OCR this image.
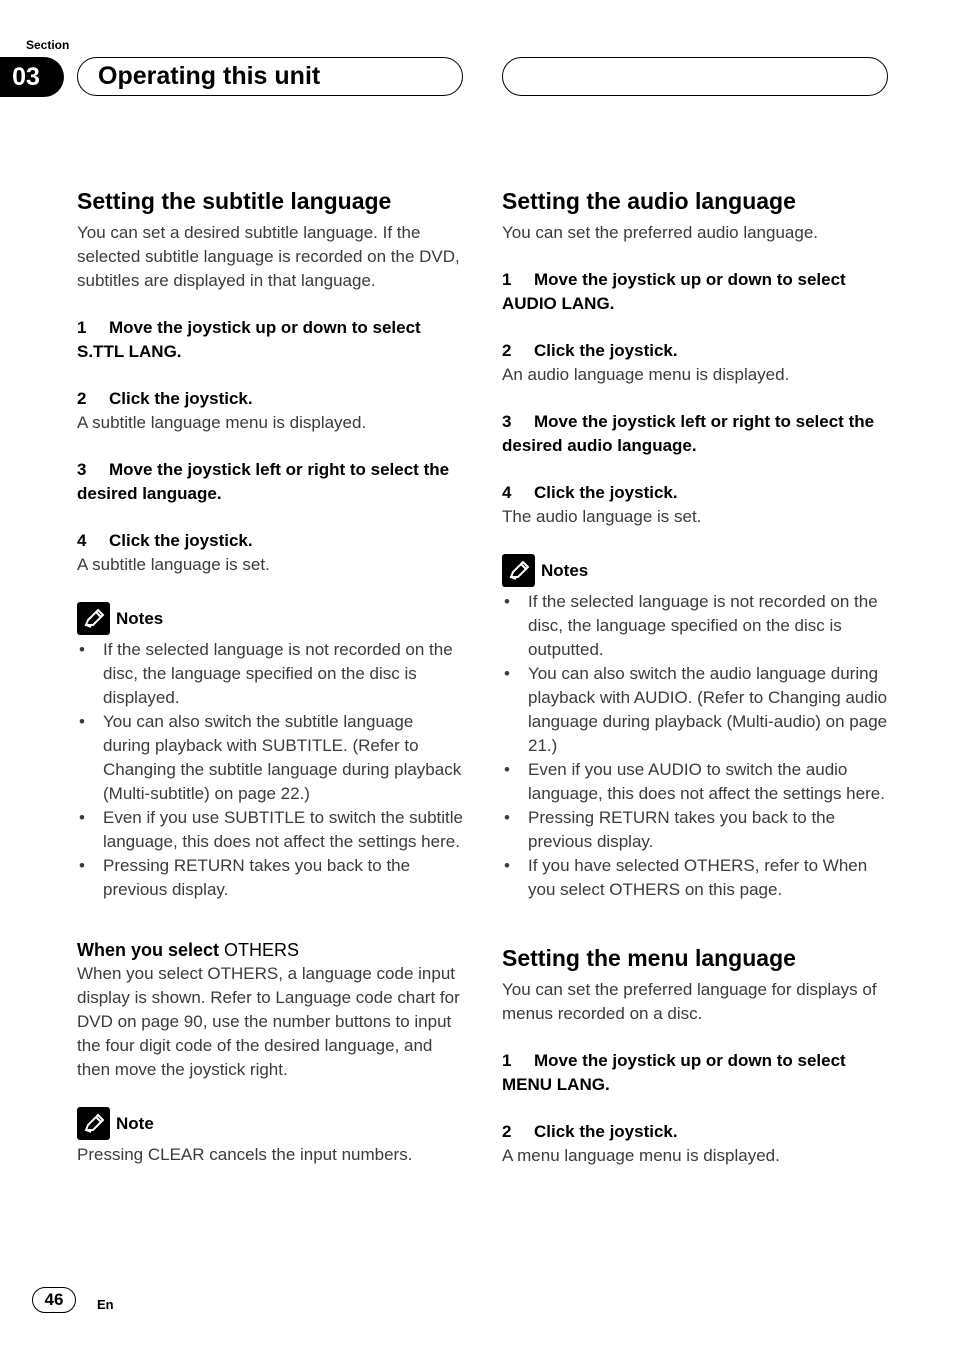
Section
03	Operating this unit
Setting the subtitle language

You can set a desired subtitle language. If the selected subtitle language is recorded on the DVD, subtitles are displayed in that language.

1 Move the joystick up or down to select S.TTL LANG.

2 Click the joystick.

A subtitle language menu is displayed.

3 Move the joystick left or right to select the desired language.

4 Click the joystick.

A subtitle language is set.

Notes
• If the selected language is not recorded on the disc, the language specified on the disc is displayed.
• You can also switch the subtitle language during playback with SUBTITLE. (Refer to Changing the subtitle language during playback (Multi-subtitle) on page 22.)
• Even if you use SUBTITLE to switch the subtitle language, this does not affect the settings here.
• Pressing RETURN takes you back to the previous display.
When you select OTHERS

When you select OTHERS, a language code input display is shown. Refer to Language code chart for DVD on page 90, use the number buttons to input the four digit code of the desired language, and then move the joystick right.

Note

Pressing CLEAR cancels the input numbers.

Setting the audio language

You can set the preferred audio language.

1 Move the joystick up or down to select AUDIO LANG.

2 Click the joystick.

An audio language menu is displayed.

3 Move the joystick left or right to select the desired audio language.

4 Click the joystick.

The audio language is set.

Notes
• If the selected language is not recorded on the disc, the language specified on the disc is outputted.
• You can also switch the audio language during playback with AUDIO. (Refer to Changing audio language during playback (Multi-audio) on page 21.)
• Even if you use AUDIO to switch the audio language, this does not affect the settings here.
• Pressing RETURN takes you back to the previous display.
• If you have selected OTHERS, refer to When you select OTHERS on this page.
Setting the menu language

You can set the preferred language for displays of menus recorded on a disc.

1 Move the joystick up or down to select MENU LANG.

2 Click the joystick.

A menu language menu is displayed.

46	En
